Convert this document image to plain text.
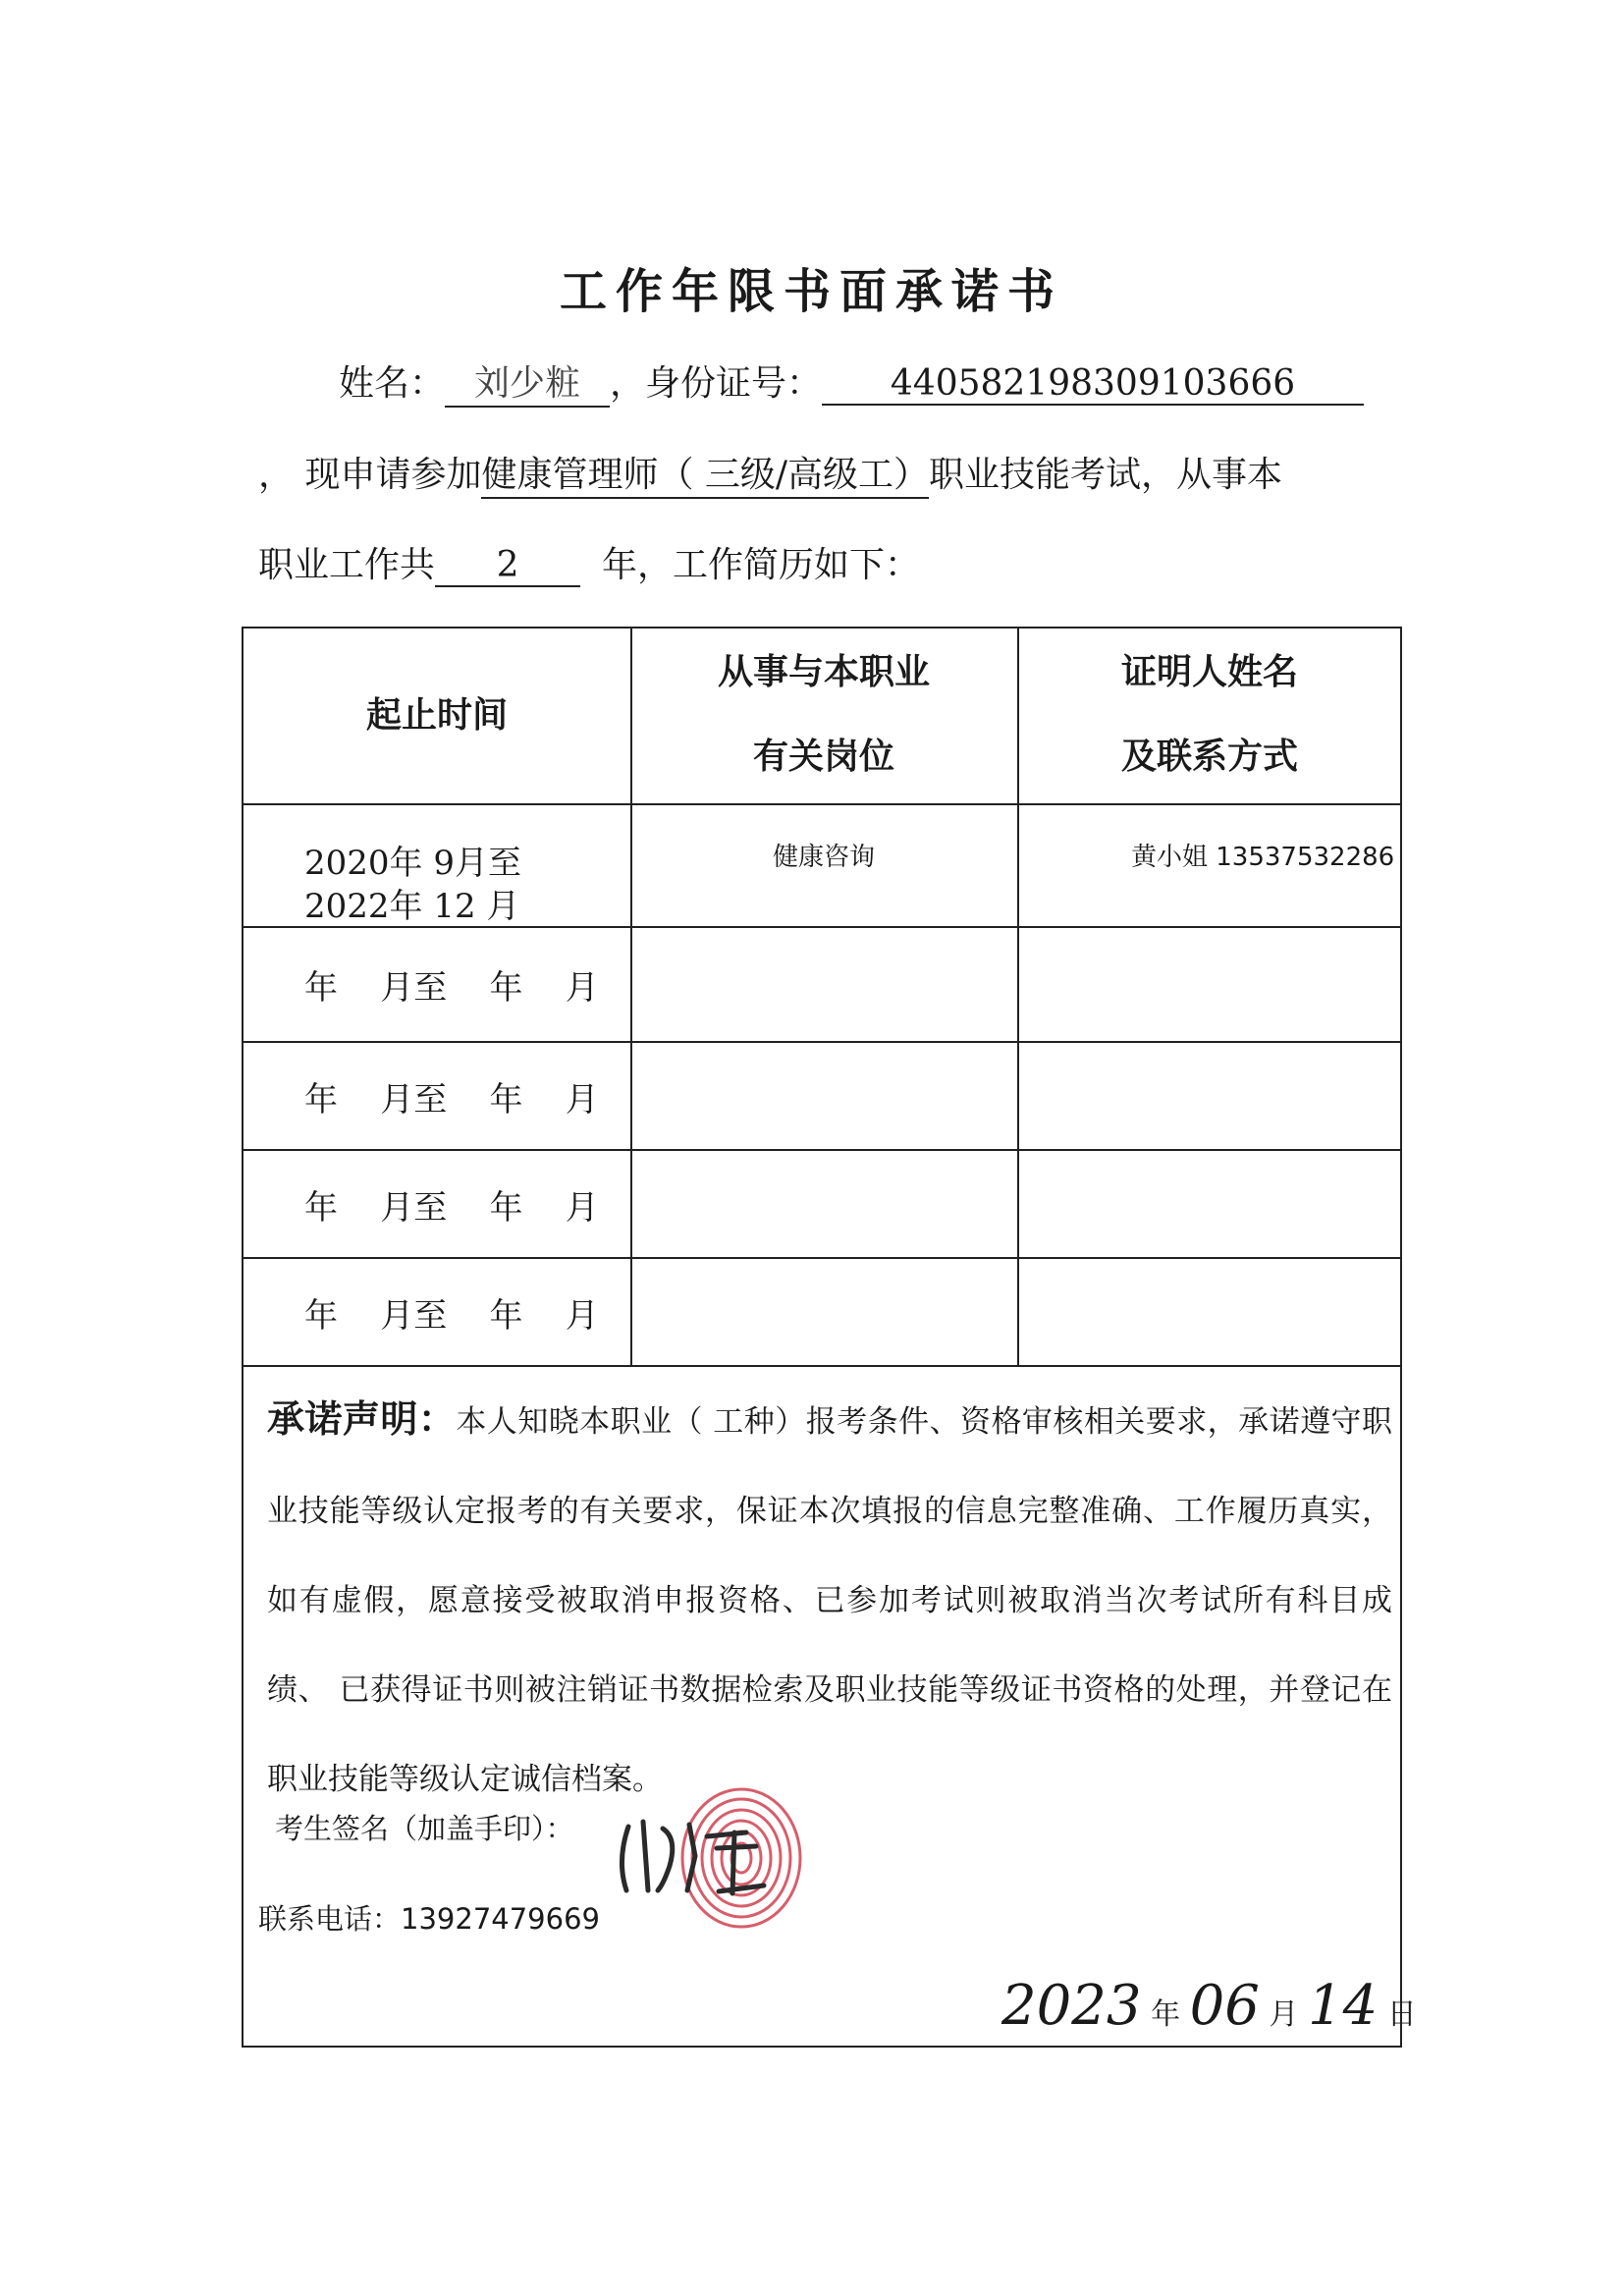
工作年限书面承诺书
姓名： 刘少粧 ，身份证号： 440582198309103666
， 现申请参加健康管理师（ 三级/高级工）职业技能考试，从事本
职业工作共 2 年，工作简历如下：
起止时间
从事与本职业
有关岗位
证明人姓名
及联系方式
2020年 9月至
2022年 12 月
健康咨询	黄小姐 13537532286
年    月至    年    月
年    月至    年    月
年    月至    年    月
年    月至    年    月
承诺声明：本人知晓本职业（ 工种）报考条件、资格审核相关要求，承诺遵守职业技能等级认定报考的有关要求，保证本次填报的信息完整准确、工作履历真实，如有虚假，愿意接受被取消申报资格、已参加考试则被取消当次考试所有科目成绩、 已获得证书则被注销证书数据检索及职业技能等级证书资格的处理，并登记在职业技能等级认定诚信档案。
考生签名（加盖手印）：
联系电话：13927479669
2023 年 06 月 14 日
